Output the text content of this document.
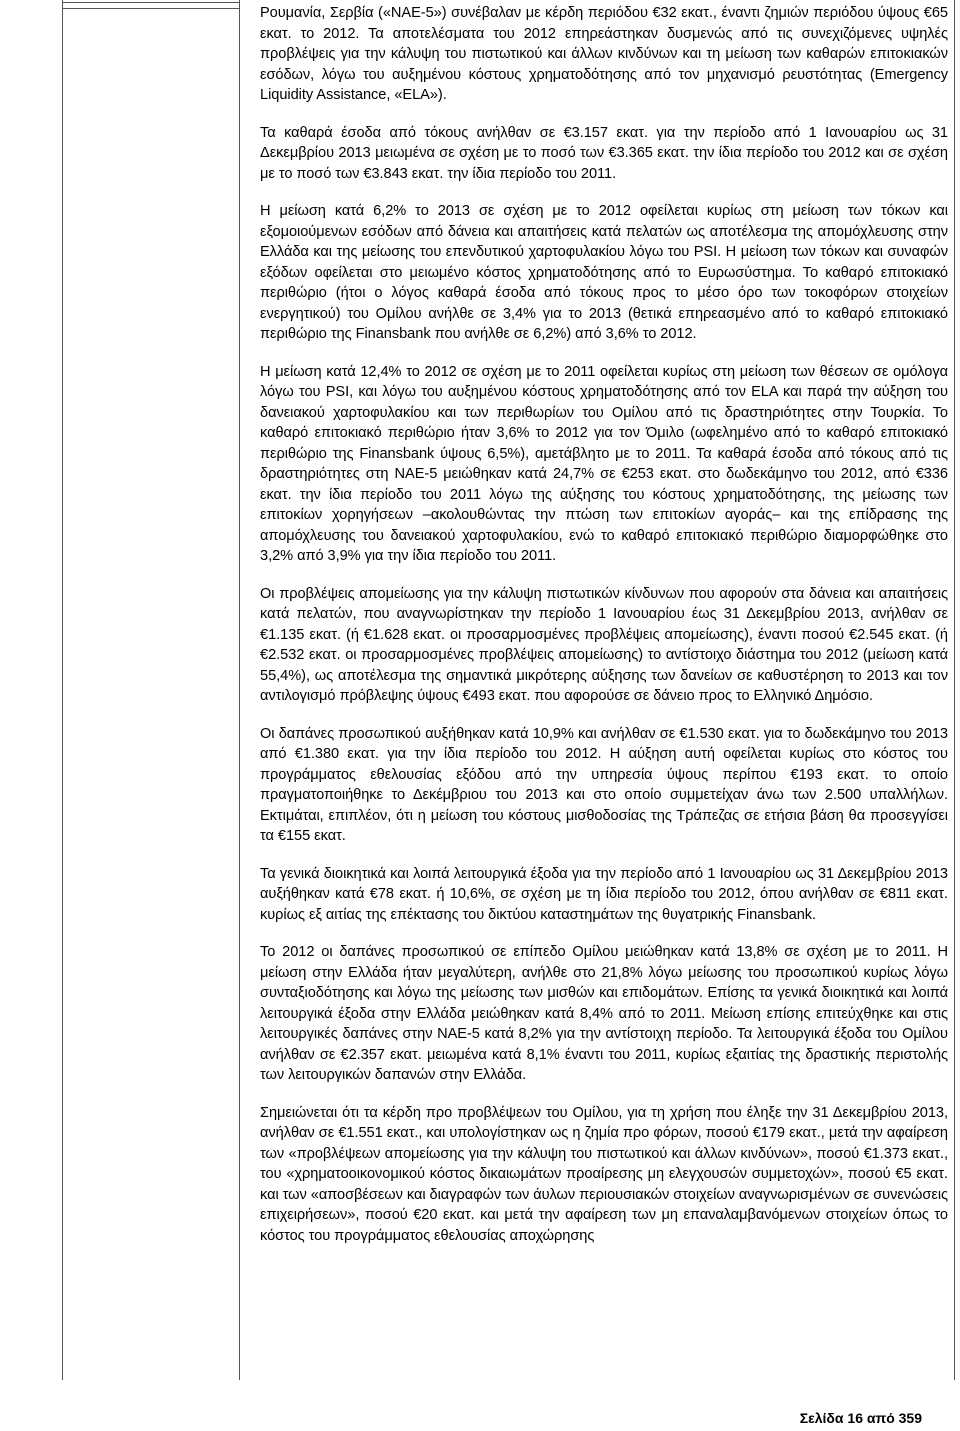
Ρουμανία, Σερβία («ΝΑΕ-5») συνέβαλαν με κέρδη περιόδου €32 εκατ., έναντι ζημιών περιόδου ύψους €65 εκατ. το 2012. Τα αποτελέσματα του 2012 επηρεάστηκαν δυσμενώς από τις συνεχιζόμενες υψηλές προβλέψεις για την κάλυψη του πιστωτικού και άλλων κινδύνων και τη μείωση των καθαρών επιτοκιακών εσόδων, λόγω του αυξημένου κόστους χρηματοδότησης από τον μηχανισμό ρευστότητας (Emergency Liquidity Assistance, «ELA»).

Τα καθαρά έσοδα από τόκους ανήλθαν σε €3.157 εκατ. για την περίοδο από 1 Ιανουαρίου ως 31 Δεκεμβρίου 2013 μειωμένα σε σχέση με το ποσό των €3.365 εκατ. την ίδια περίοδο του 2012 και σε σχέση με το ποσό των €3.843 εκατ. την ίδια περίοδο του 2011.

Η μείωση κατά 6,2% το 2013 σε σχέση με το 2012 οφείλεται κυρίως στη μείωση των τόκων και εξομοιούμενων εσόδων από δάνεια και απαιτήσεις κατά πελατών ως αποτέλεσμα της απομόχλευσης στην Ελλάδα και της μείωσης του επενδυτικού χαρτοφυλακίου λόγω του PSI. Η μείωση των τόκων και συναφών εξόδων οφείλεται στο μειωμένο κόστος χρηματοδότησης από το Ευρωσύστημα. Το καθαρό επιτοκιακό περιθώριο (ήτοι ο λόγος καθαρά έσοδα από τόκους προς το μέσο όρο των τοκοφόρων στοιχείων ενεργητικού) του Ομίλου ανήλθε σε 3,4% για το 2013 (θετικά επηρεασμένο από το καθαρό επιτοκιακό περιθώριο της Finansbank που ανήλθε σε 6,2%) από 3,6% το 2012.

Η μείωση κατά 12,4% το 2012 σε σχέση με το 2011 οφείλεται κυρίως στη μείωση των θέσεων σε ομόλογα λόγω του PSI, και λόγω του αυξημένου κόστους χρηματοδότησης από τον ELA και παρά την αύξηση του δανειακού χαρτοφυλακίου και των περιθωρίων του Ομίλου από τις δραστηριότητες στην Τουρκία. Το καθαρό επιτοκιακό περιθώριο ήταν 3,6% το 2012 για τον Όμιλο (ωφελημένο από το καθαρό επιτοκιακό περιθώριο της Finansbank ύψους 6,5%), αμετάβλητο με το 2011. Τα καθαρά έσοδα από τόκους από τις δραστηριότητες στη ΝΑΕ-5 μειώθηκαν κατά 24,7% σε €253 εκατ. στο δωδεκάμηνο του 2012, από €336 εκατ. την ίδια περίοδο του 2011 λόγω της αύξησης του κόστους χρηματοδότησης, της μείωσης των επιτοκίων χορηγήσεων –ακολουθώντας την πτώση των επιτοκίων αγοράς– και της επίδρασης της απομόχλευσης του δανειακού χαρτοφυλακίου, ενώ το καθαρό επιτοκιακό περιθώριο διαμορφώθηκε στο 3,2% από 3,9% για την ίδια περίοδο του 2011.

Οι προβλέψεις απομείωσης για την κάλυψη πιστωτικών κίνδυνων που αφορούν στα δάνεια και απαιτήσεις κατά πελατών, που αναγνωρίστηκαν την περίοδο 1 Ιανουαρίου έως 31 Δεκεμβρίου 2013, ανήλθαν σε €1.135 εκατ. (ή €1.628 εκατ. οι προσαρμοσμένες προβλέψεις απομείωσης), έναντι ποσού €2.545 εκατ. (ή €2.532 εκατ. οι προσαρμοσμένες προβλέψεις απομείωσης) το αντίστοιχο διάστημα του 2012 (μείωση κατά 55,4%), ως αποτέλεσμα της σημαντικά μικρότερης αύξησης των δανείων σε καθυστέρηση το 2013 και τον αντιλογισμό πρόβλεψης ύψους €493 εκατ. που αφορούσε σε δάνειο προς το Ελληνικό Δημόσιο.

Οι δαπάνες προσωπικού αυξήθηκαν κατά 10,9% και ανήλθαν σε €1.530 εκατ. για το δωδεκάμηνο του 2013 από €1.380 εκατ. για την ίδια περίοδο του 2012. Η αύξηση αυτή οφείλεται κυρίως στο κόστος του προγράμματος εθελουσίας εξόδου από την υπηρεσία ύψους περίπου €193 εκατ. το οποίο πραγματοποιήθηκε το Δεκέμβριου του 2013 και στο οποίο συμμετείχαν άνω των 2.500 υπαλλήλων. Εκτιμάται, επιπλέον, ότι η μείωση του κόστους μισθοδοσίας της Τράπεζας σε ετήσια βάση θα προσεγγίσει τα €155 εκατ.

Τα γενικά διοικητικά και λοιπά λειτουργικά έξοδα για την περίοδο από 1 Ιανουαρίου ως 31 Δεκεμβρίου 2013 αυξήθηκαν κατά €78 εκατ. ή 10,6%, σε σχέση με τη ίδια περίοδο του 2012, όπου ανήλθαν σε €811 εκατ. κυρίως εξ αιτίας της επέκτασης του δικτύου καταστημάτων της θυγατρικής Finansbank.

Το 2012 οι δαπάνες προσωπικού σε επίπεδο Ομίλου μειώθηκαν κατά 13,8% σε σχέση με το 2011. Η μείωση στην Ελλάδα ήταν μεγαλύτερη, ανήλθε στο 21,8% λόγω μείωσης του προσωπικού κυρίως λόγω συνταξιοδότησης και λόγω της μείωσης των μισθών και επιδομάτων. Επίσης τα γενικά διοικητικά και λοιπά λειτουργικά έξοδα στην Ελλάδα μειώθηκαν κατά 8,4% από το 2011. Μείωση επίσης επιτεύχθηκε και στις λειτουργικές δαπάνες στην ΝΑΕ-5 κατά 8,2% για την αντίστοιχη περίοδο. Τα λειτουργικά έξοδα του Ομίλου ανήλθαν σε €2.357 εκατ. μειωμένα κατά 8,1% έναντι του 2011, κυρίως εξαιτίας της δραστικής περιστολής των λειτουργικών δαπανών στην Ελλάδα.

Σημειώνεται ότι τα κέρδη προ προβλέψεων του Ομίλου, για τη χρήση που έληξε την 31 Δεκεμβρίου 2013, ανήλθαν σε €1.551 εκατ., και υπολογίστηκαν ως η ζημία προ φόρων, ποσού €179 εκατ., μετά την αφαίρεση των «προβλέψεων απομείωσης για την κάλυψη του πιστωτικού και άλλων κινδύνων», ποσού €1.373 εκατ., του «χρηματοοικονομικού κόστος δικαιωμάτων προαίρεσης μη ελεγχουσών συμμετοχών», ποσού €5 εκατ. και των «αποσβέσεων και διαγραφών των άυλων περιουσιακών στοιχείων αναγνωρισμένων σε συνενώσεις επιχειρήσεων», ποσού €20 εκατ. και μετά την αφαίρεση των μη επαναλαμβανόμενων στοιχείων όπως το κόστος του προγράμματος εθελουσίας αποχώρησης

Σελίδα 16 από 359
